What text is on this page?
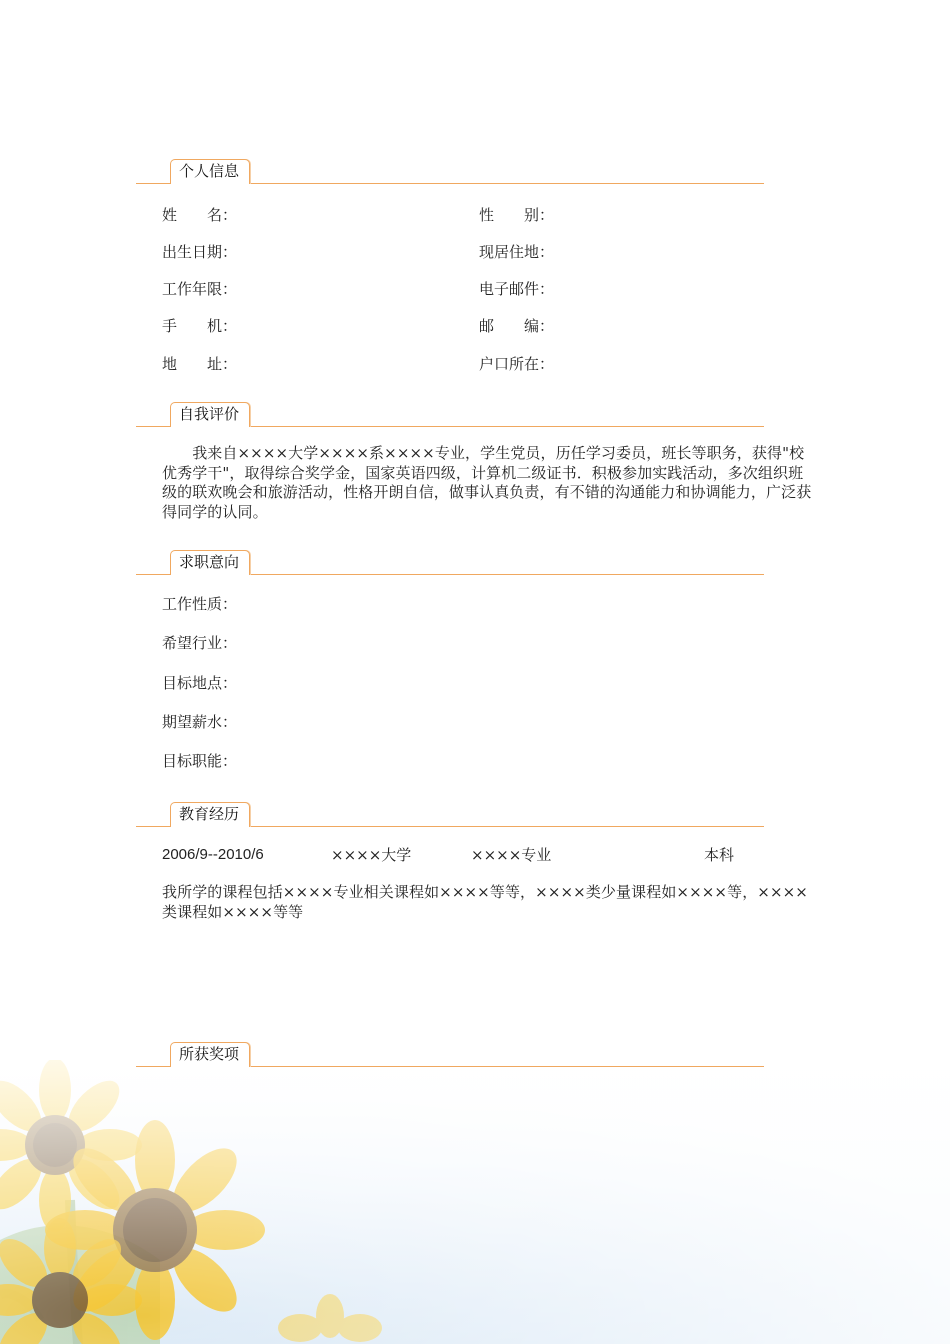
个人信息
姓　　名：	性　　别：
出生日期：	现居住地：
工作年限：	电子邮件：
手　　机：	邮　　编：
地　　址：	户口所在：
自我评价
　　我来自××××大学××××系××××专业，学生党员，历任学习委员，班长等职务，获得"校优秀学干"，取得综合奖学金，国家英语四级，计算机二级证书．积极参加实践活动，多次组织班级的联欢晚会和旅游活动，性格开朗自信，做事认真负责，有不错的沟通能力和协调能力，广泛获得同学的认同。
求职意向
工作性质：
希望行业：
目标地点：
期望薪水：
目标职能：
教育经历
2006/9--2010/6	××××大学	××××专业	本科
我所学的课程包括××××专业相关课程如××××等等，××××类少量课程如××××等，××××类课程如××××等等
所获奖项
